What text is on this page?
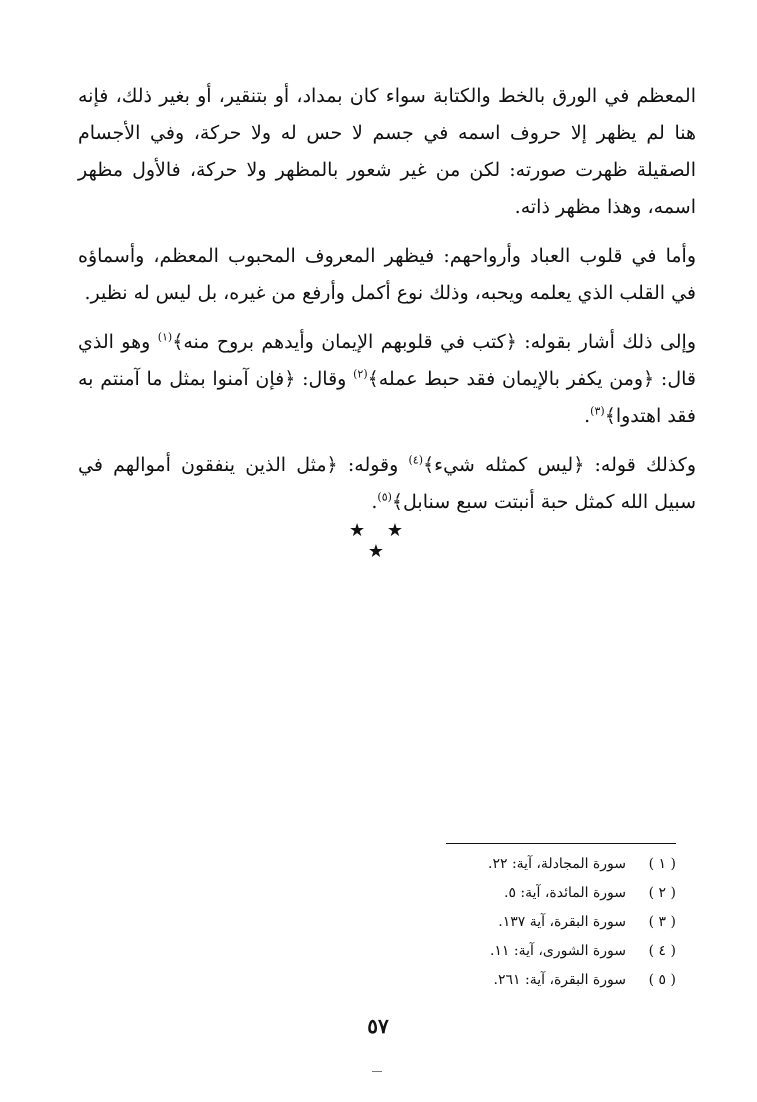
المعظم في الورق بالخط والكتابة سواء كان بمداد، أو بتنقير، أو بغير ذلك، فإنه هنا لم يظهر إلا حروف اسمه في جسم لا حس له ولا حركة، وفي الأجسام الصقيلة ظهرت صورته: لكن من غير شعور بالمظهر ولا حركة، فالأول مظهر اسمه، وهذا مظهر ذاته.

وأما في قلوب العباد وأرواحهم: فيظهر المعروف المحبوب المعظم، وأسماؤه في القلب الذي يعلمه ويحبه، وذلك نوع أكمل وأرفع من غيره، بل ليس له نظير.

وإلى ذلك أشار بقوله: ﴿كتب في قلوبهم الإيمان وأيدهم بروح منه﴾$^{(١)}$ وهو الذي قال: ﴿ومن يكفر بالإيمان فقد حبط عمله﴾$^{(٢)}$ وقال: ﴿فإن آمنوا بمثل ما آمنتم به فقد اهتدوا﴾$^{(٣)}$.

وكذلك قوله: ﴿ليس كمثله شيء﴾$^{(٤)}$ وقوله: ﴿مثل الذين ينفقون أموالهم في سبيل الله كمثل حبة أنبتت سبع سنابل﴾$^{(٥)}$.

★ ★ ★
( ١ )
سورة المجادلة، آية: ٢٢.
( ٢ )
سورة المائدة، آية: ٥.
( ٣ )
سورة البقرة، آية ١٣٧.
( ٤ )
سورة الشورى، آية: ١١.
( ٥ )
سورة البقرة، آية: ٢٦١.
٥٧
